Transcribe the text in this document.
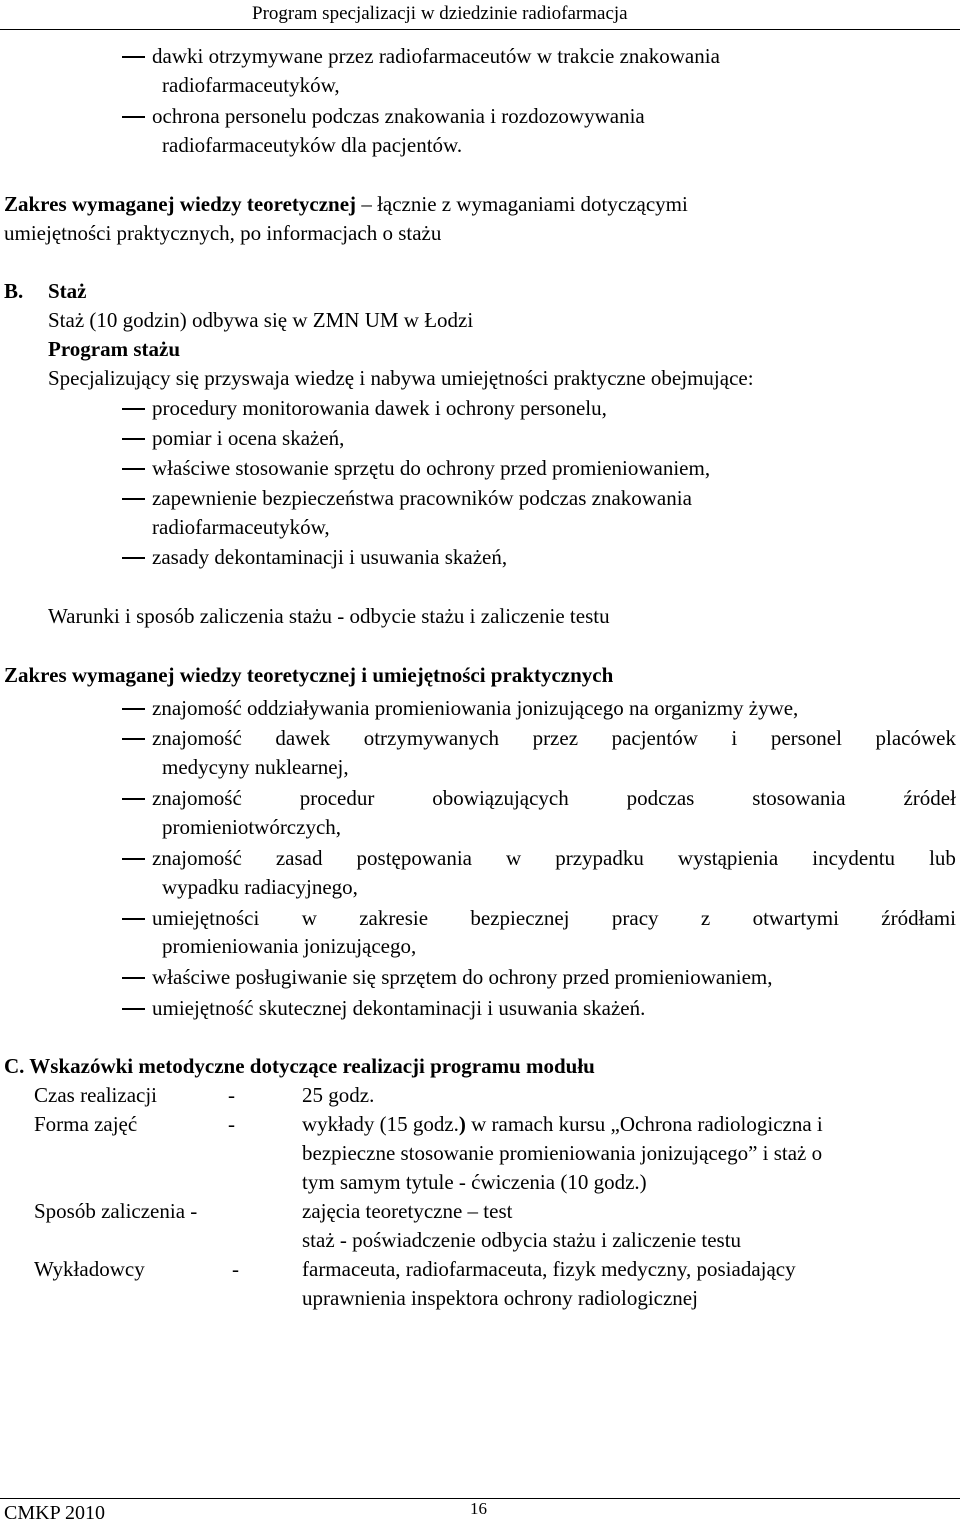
Program specjalizacji w dziedzinie radiofarmacja
dawki otrzymywane przez radiofarmaceutów w trakcie znakowania
radiofarmaceutyków,
ochrona personelu podczas znakowania i rozdozowywania
radiofarmaceutyków dla pacjentów.
Zakres wymaganej wiedzy teoretycznej – łącznie z wymaganiami dotyczącymi
umiejętności praktycznych, po informacjach o stażu
B. Staż
Staż (10 godzin) odbywa się w ZMN UM w Łodzi
Program stażu
Specjalizujący się przyswaja wiedzę i nabywa umiejętności praktyczne obejmujące:
procedury monitorowania dawek i ochrony personelu,
pomiar i ocena skażeń,
właściwe stosowanie sprzętu do ochrony przed promieniowaniem,
zapewnienie bezpieczeństwa pracowników podczas znakowania
radiofarmaceutyków,
zasady dekontaminacji i usuwania skażeń,
Warunki i sposób zaliczenia stażu - odbycie stażu i zaliczenie testu
Zakres wymaganej wiedzy teoretycznej i umiejętności praktycznych
znajomość oddziaływania promieniowania jonizującego na organizmy żywe,
znajomość dawek otrzymywanych przez pacjentów i personel placówek
medycyny nuklearnej,
znajomość	procedur	obowiązujących	podczas	stosowania	źródeł
promieniotwórczych,
znajomość zasad postępowania w przypadku wystąpienia incydentu lub
wypadku radiacyjnego,
umiejętności w zakresie bezpiecznej pracy z otwartymi źródłami
promieniowania jonizującego,
właściwe posługiwanie się sprzętem do ochrony przed promieniowaniem,
umiejętność skutecznej dekontaminacji i usuwania skażeń.
C. Wskazówki metodyczne dotyczące realizacji programu modułu
Czas realizacji	-	25 godz.
Forma zajęć	-	wykłady (15 godz.) w ramach kursu „Ochrona radiologiczna i
bezpieczne stosowanie promieniowania jonizującego” i staż o
tym samym tytule - ćwiczenia (10 godz.)
Sposób zaliczenia -	zajęcia teoretyczne – test
staż - poświadczenie odbycia stażu i zaliczenie testu
Wykładowcy	-	farmaceuta, radiofarmaceuta, fizyk medyczny, posiadający
uprawnienia inspektora ochrony radiologicznej
CMKP 2010	16
